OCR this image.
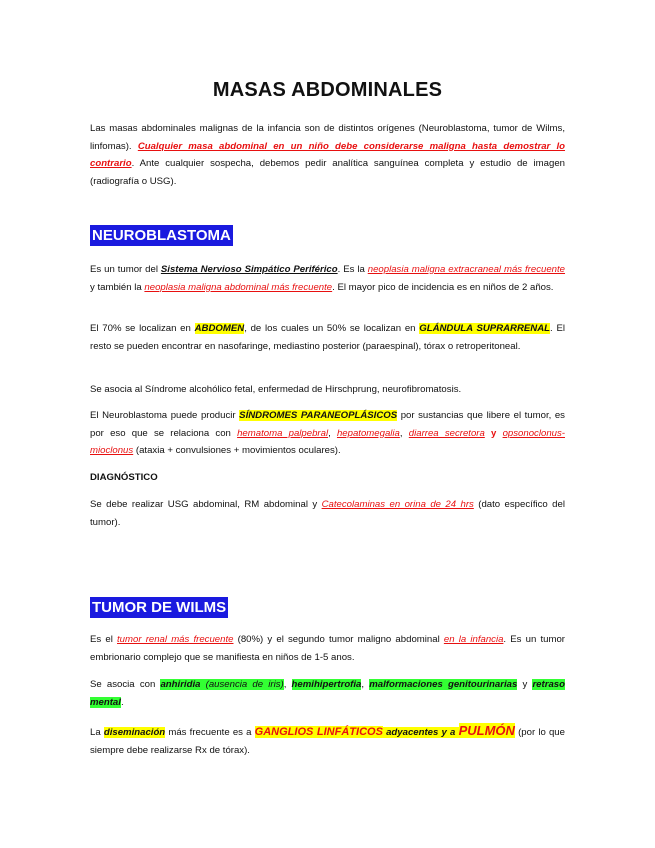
MASAS ABDOMINALES

Las masas abdominales malignas de la infancia son de distintos orígenes (Neuroblastoma, tumor de Wilms, linfomas). Cualquier masa abdominal en un niño debe considerarse maligna hasta demostrar lo contrario. Ante cualquier sospecha, debemos pedir analítica sanguínea completa y estudio de imagen (radiografía o USG).

NEUROBLASTOMA

Es un tumor del Sistema Nervioso Simpático Periférico. Es la neoplasia maligna extracraneal más frecuente y también la neoplasia maligna abdominal más frecuente. El mayor pico de incidencia es en niños de 2 años.

El 70% se localizan en ABDOMEN, de los cuales un 50% se localizan en GLÁNDULA SUPRARRENAL. El resto se pueden encontrar en nasofaringe, mediastino posterior (paraespinal), tórax o retroperitoneal.

Se asocia al Síndrome alcohólico fetal, enfermedad de Hirschprung, neurofibromatosis.

El Neuroblastoma puede producir SÍNDROMES PARANEOPLÁSICOS por sustancias que libere el tumor, es por eso que se relaciona con hematoma palpebral, hepatomegalia, diarrea secretora y opsonoclonus-mioclonus (ataxia + convulsiones + movimientos oculares).

DIAGNÓSTICO

Se debe realizar USG abdominal, RM abdominal y Catecolaminas en orina de 24 hrs (dato específico del tumor).

TUMOR DE WILMS

Es el tumor renal más frecuente (80%) y el segundo tumor maligno abdominal en la infancia. Es un tumor embrionario complejo que se manifiesta en niños de 1-5 anos.

Se asocia con anhiridia (ausencia de iris), hemihipertrofia, malformaciones genitourinarias y retraso mental.

La diseminación más frecuente es a GANGLIOS LINFÁTICOS adyacentes y a PULMÓN (por lo que siempre debe realizarse Rx de tórax).
